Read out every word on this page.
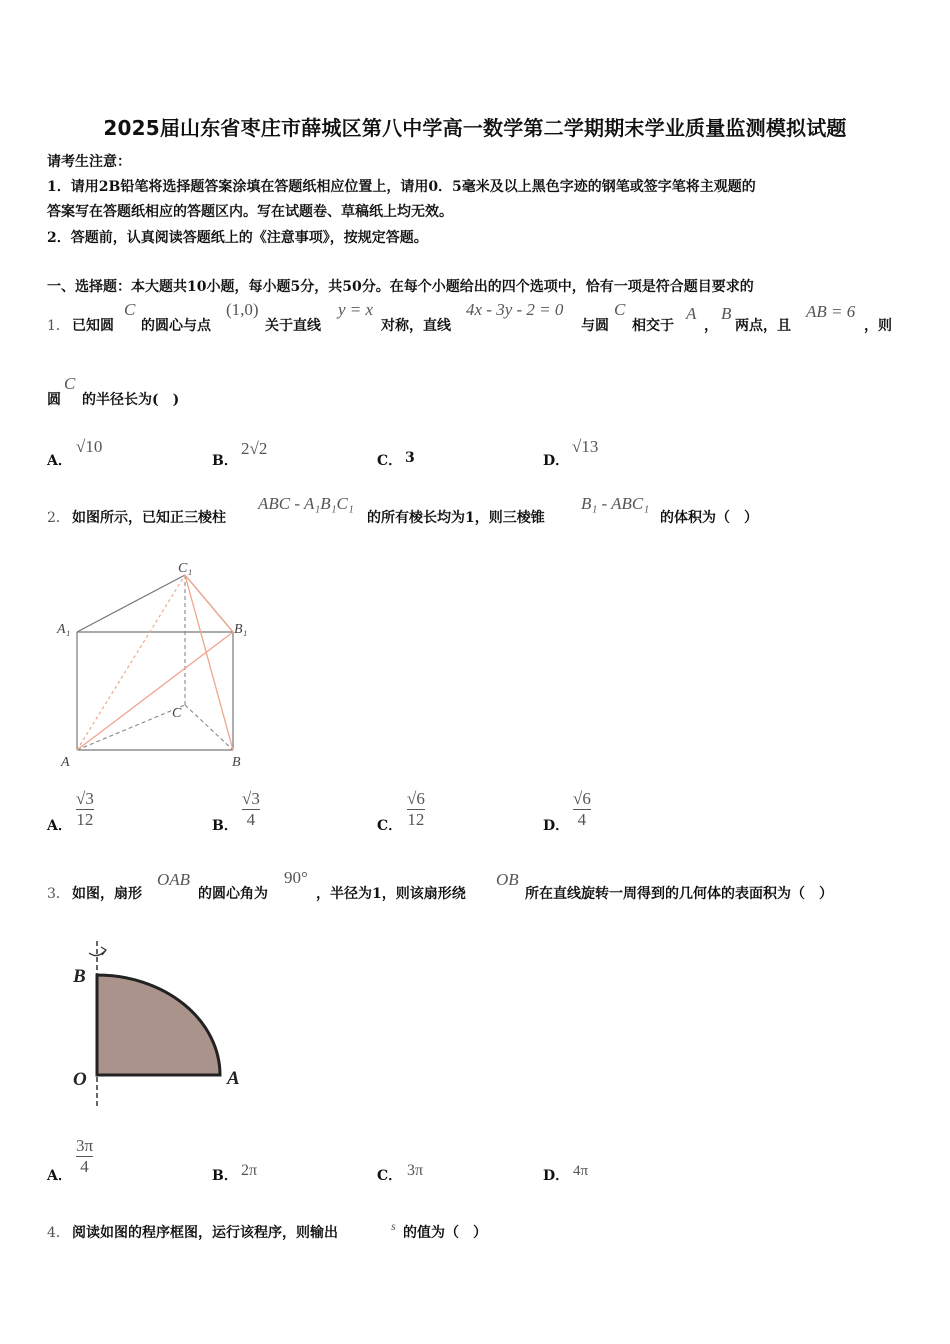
2025届山东省枣庄市薛城区第八中学高一数学第二学期期末学业质量监测模拟试题
请考生注意：
1．请用2B铅笔将选择题答案涂填在答题纸相应位置上，请用0．5毫米及以上黑色字迹的钢笔或签字笔将主观题的
答案写在答题纸相应的答题区内。写在试题卷、草稿纸上均无效。
2．答题前，认真阅读答题纸上的《注意事项》，按规定答题。
一、选择题：本大题共10小题，每小题5分，共50分。在每个小题给出的四个选项中，恰有一项是符合题目要求的
1． 已知圆
C
的圆心与点
(1,0)
关于直线
y = x
对称，直线
4x - 3y - 2 = 0
与圆
C
相交于
A
，
B
两点，且
AB = 6
，则
圆
C
的半径长为(　)
A．
√10
B．
2√2
C． 3	D．
√13
2． 如图所示，已知正三棱柱
ABC - A₁B₁C₁
的所有棱长均为1，则三棱锥
B₁ - ABC₁
的体积为（　）
C₁
A₁	B₁
C
A	B
A．
√3
12	B．
√3
4	C．
√6
12	D．
√6
4
3． 如图，扇形
OAB
的圆心角为
90°
，半径为1，则该扇形绕
OB
所在直线旋转一周得到的几何体的表面积为（　）
B
O	A
A．
3π
4	B． 2π	C． 3π	D． 4π
4． 阅读如图的程序框图，运行该程序，则输出	s 的值为（　）
